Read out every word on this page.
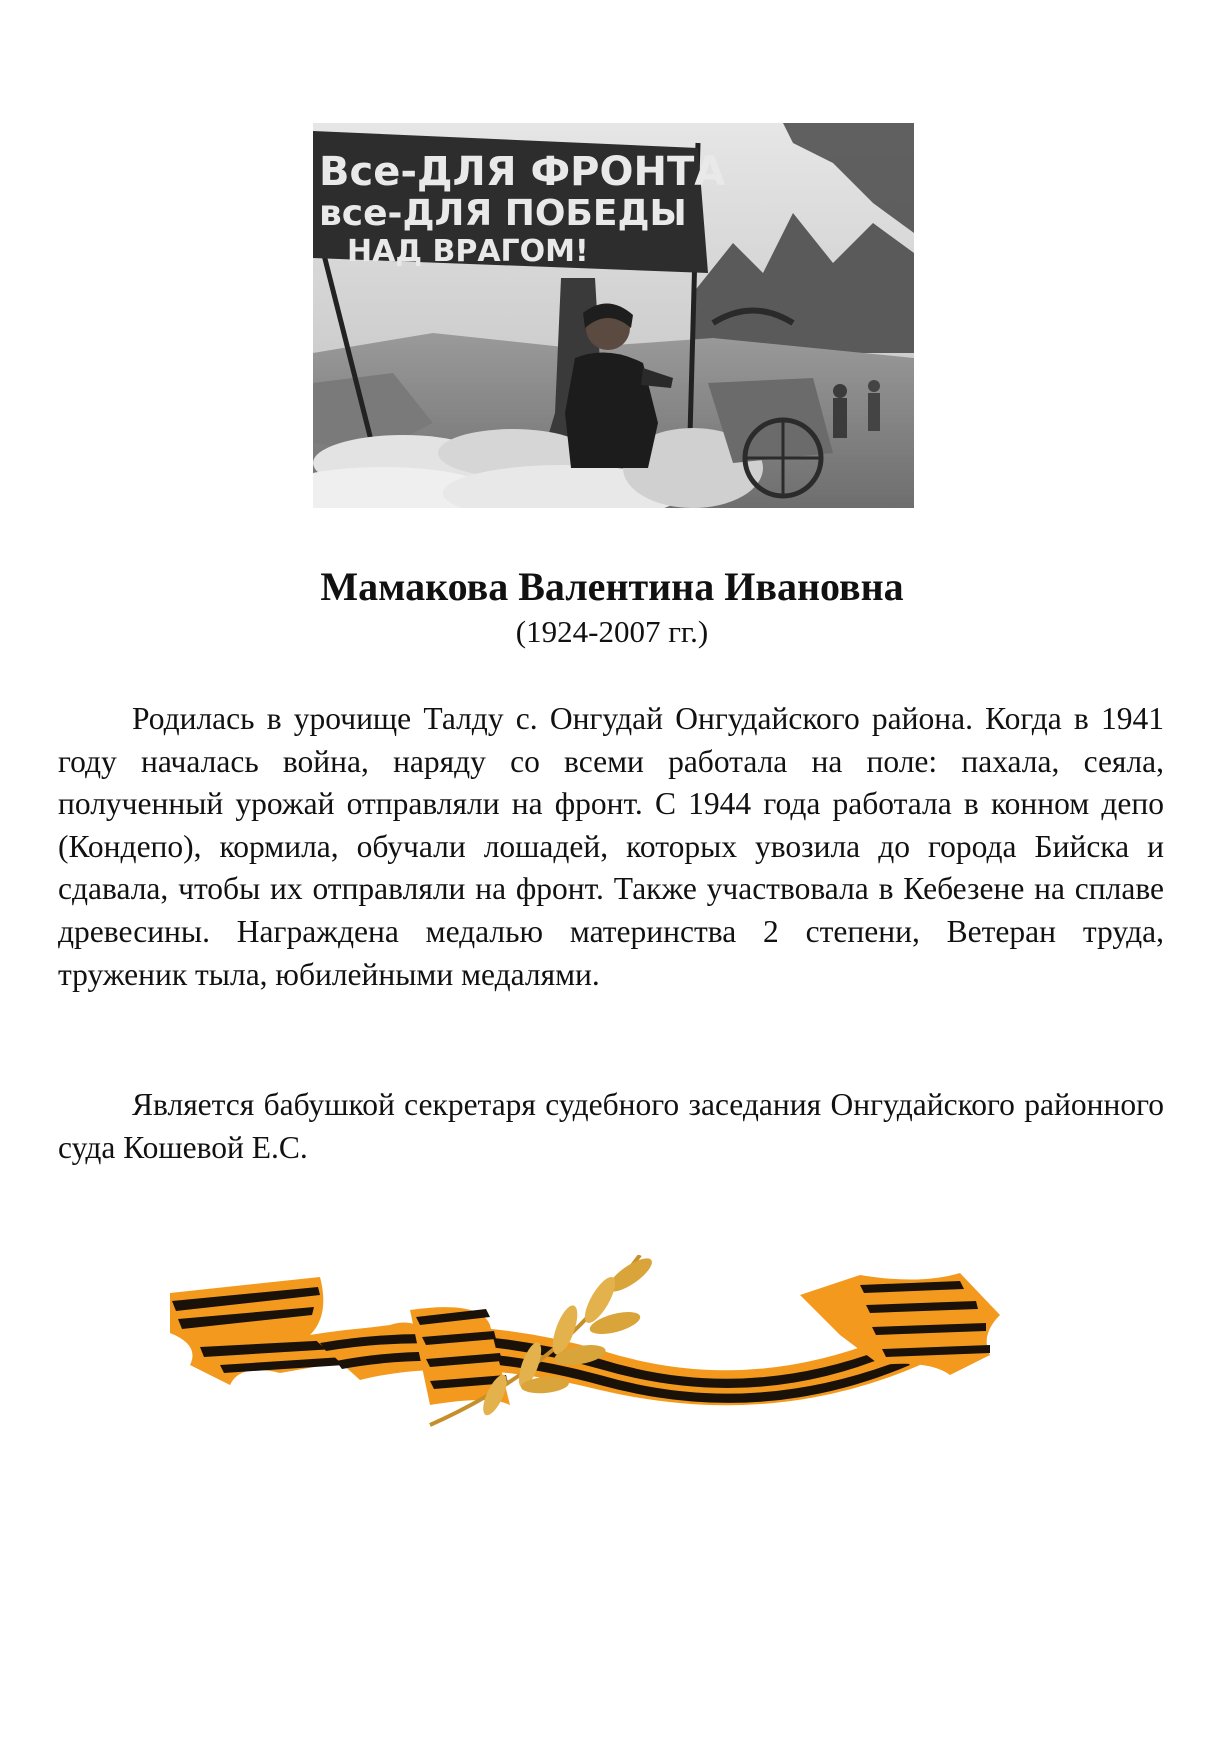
Все-ДЛЯ ФРОНТА
все-ДЛЯ ПОБЕДЫ
НАД ВРАГОМ!
Мамакова Валентина Ивановна

(1924-2007 гг.)

Родилась в урочище Талду с. Онгудай Онгудайского района. Когда в 1941 году началась война, наряду со всеми работала на поле: пахала, сеяла, полученный урожай отправляли на фронт. С 1944 года работала в конном депо (Кондепо), кормила, обучали лошадей, которых увозила до города Бийска и сдавала, чтобы их отправляли на фронт. Также участвовала в Кебезене на сплаве древесины. Награждена медалью материнства 2 степени, Ветеран труда, труженик тыла, юбилейными медалями.

Является бабушкой секретаря судебного заседания Онгудайского районного суда Кошевой Е.С.
